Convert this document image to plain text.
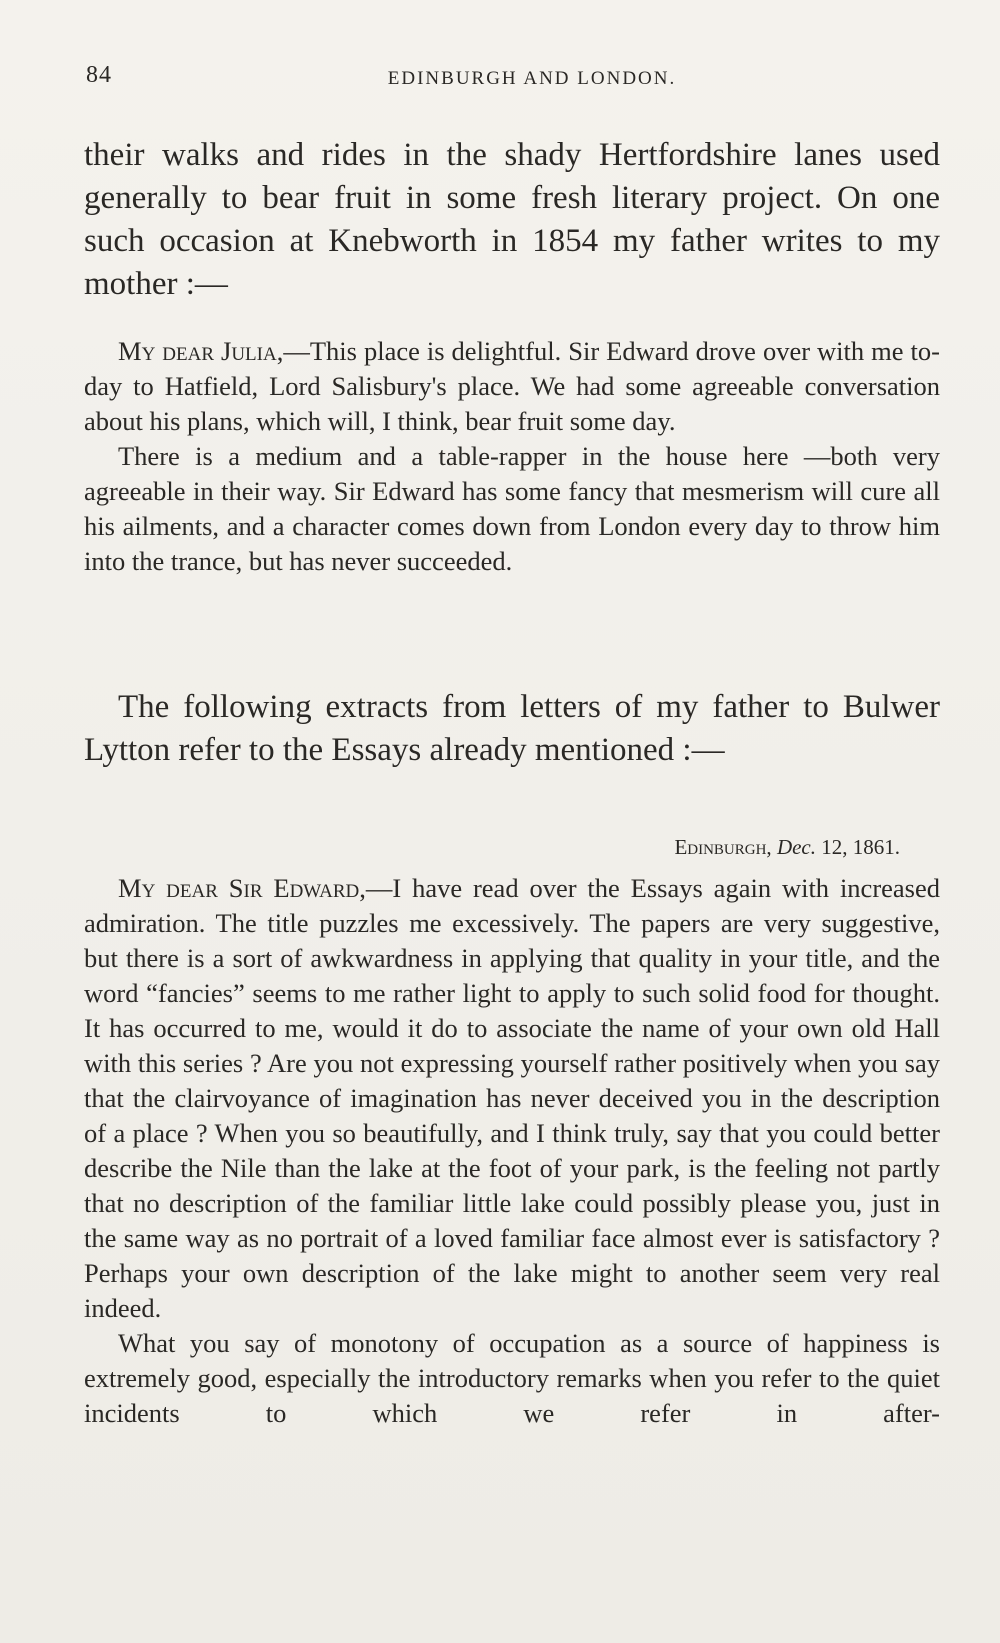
84	EDINBURGH AND LONDON.

their walks and rides in the shady Hertfordshire lanes used generally to bear fruit in some fresh literary project. On one such occasion at Knebworth in 1854 my father writes to my mother :—

My dear Julia,—This place is delightful. Sir Edward drove over with me to-day to Hatfield, Lord Salisbury's place. We had some agreeable conversation about his plans, which will, I think, bear fruit some day.

There is a medium and a table-rapper in the house here —both very agreeable in their way. Sir Edward has some fancy that mesmerism will cure all his ailments, and a character comes down from London every day to throw him into the trance, but has never succeeded.

The following extracts from letters of my father to Bulwer Lytton refer to the Essays already mentioned :—

Edinburgh, Dec. 12, 1861.

My dear Sir Edward,—I have read over the Essays again with increased admiration. The title puzzles me excessively. The papers are very suggestive, but there is a sort of awkwardness in applying that quality in your title, and the word “fancies” seems to me rather light to apply to such solid food for thought. It has occurred to me, would it do to associate the name of your own old Hall with this series ? Are you not expressing yourself rather positively when you say that the clairvoyance of imagination has never deceived you in the description of a place ? When you so beautifully, and I think truly, say that you could better describe the Nile than the lake at the foot of your park, is the feeling not partly that no description of the familiar little lake could possibly please you, just in the same way as no portrait of a loved familiar face almost ever is satisfactory ? Perhaps your own description of the lake might to another seem very real indeed.

What you say of monotony of occupation as a source of happiness is extremely good, especially the introductory remarks when you refer to the quiet incidents to which we refer in after-
